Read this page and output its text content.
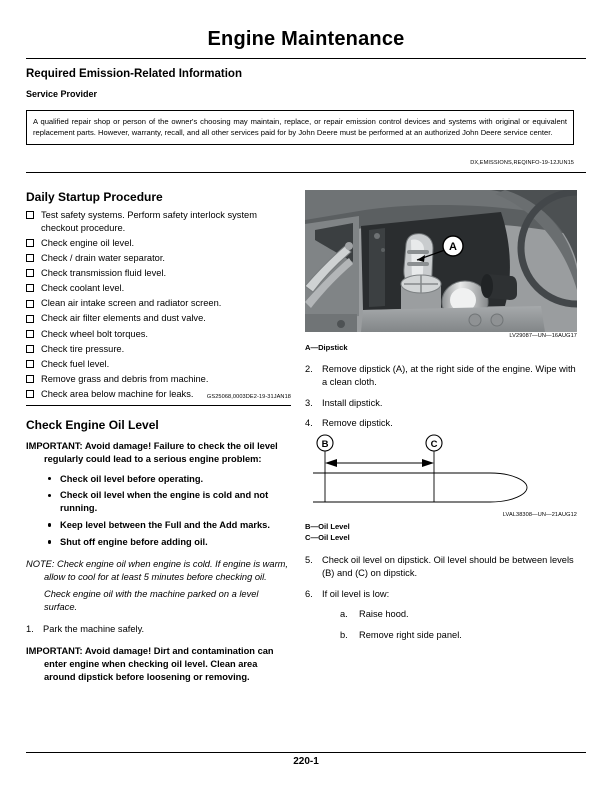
Engine Maintenance
Required Emission-Related Information
Service Provider

A qualified repair shop or person of the owner's choosing may maintain, replace, or repair emission control devices and systems with original or equivalent replacement parts. However, warranty, recall, and all other services paid for by John Deere must be performed at an authorized John Deere service center.

DX,EMISSIONS,REQINFO-19-12JUN15
Daily Startup Procedure
Test safety systems. Perform safety interlock system checkout procedure.
Check engine oil level.
Check / drain water separator.
Check transmission fluid level.
Check coolant level.
Clean air intake screen and radiator screen.
Check air filter elements and dust valve.
Check wheel bolt torques.
Check tire pressure.
Check fuel level.
Remove grass and debris from machine.
Check area below machine for leaks.	GS25068,0003DE2-19-31JAN18
Check Engine Oil Level

IMPORTANT: Avoid damage! Failure to check the oil level regularly could lead to a serious engine problem:

Check oil level before operating.
Check oil level when the engine is cold and not running.
Keep level between the Full and the Add marks.
Shut off engine before adding oil.

NOTE: Check engine oil when engine is cold. If engine is warm, allow to cool for at least 5 minutes before checking oil.

Check engine oil with the machine parked on a level surface.

1. Park the machine safely.

IMPORTANT: Avoid damage! Dirt and contamination can enter engine when checking oil level. Clean area around dipstick before loosening or removing.

A

LV29087—UN—16AUG17

A—Dipstick

2. Remove dipstick (A), at the right side of the engine. Wipe with a clean cloth.
3. Install dipstick.
4. Remove dipstick.
B	C

LVAL38308—UN—21AUG12

B—Oil Level

C—Oil Level

5. Check oil level on dipstick. Oil level should be between levels (B) and (C) on dipstick.
6. If oil level is low:
a. Raise hood.
b. Remove right side panel.
220-1
